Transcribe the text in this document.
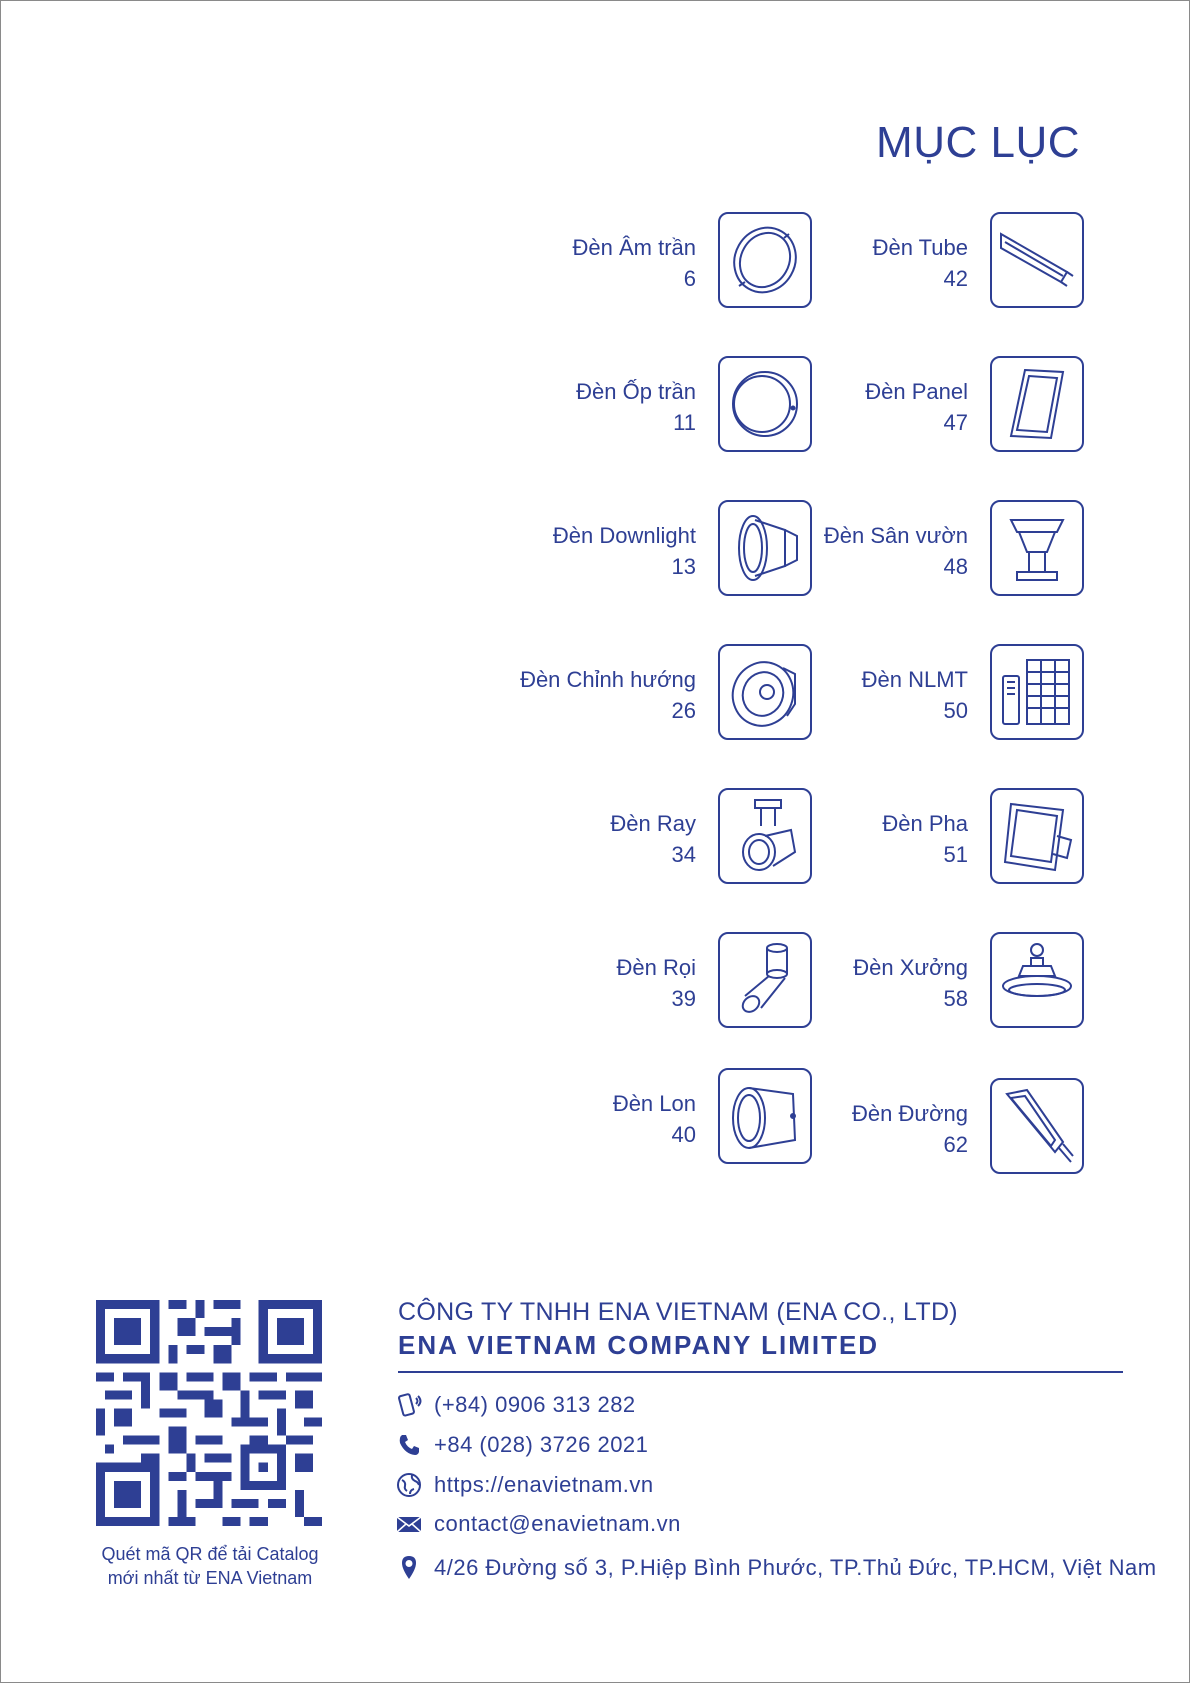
MỤC LỤC
Đèn Âm trần
6
Đèn Ốp trần
11
Đèn Downlight
13
Đèn Chỉnh hướng
26
Đèn Ray
34
Đèn Rọi
39
Đèn Lon
40
Đèn Tube
42
Đèn Panel
47
Đèn Sân vườn
48
Đèn NLMT
50
Đèn Pha
51
Đèn Xưởng
58
Đèn Đường
62
Quét mã QR để tải Catalog
mới nhất từ ENA Vietnam
CÔNG TY TNHH ENA VIETNAM (ENA CO., LTD)
ENA VIETNAM COMPANY LIMITED
(+84) 0906 313 282
+84 (028) 3726 2021
https://enavietnam.vn
contact@enavietnam.vn
4/26 Đường số 3, P.Hiệp Bình Phước, TP.Thủ Đức, TP.HCM, Việt Nam
